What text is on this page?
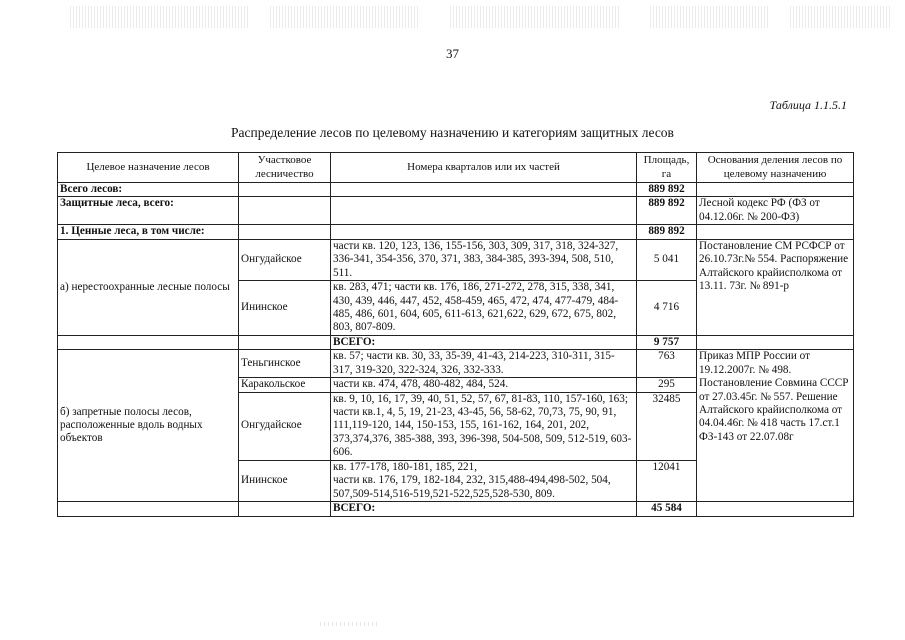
37
Таблица 1.1.5.1
Распределение лесов по целевому назначению и категориям защитных лесов
Целевое назначение лесов	Участковое лесничество	Номера кварталов или их частей	Площадь, га	Основания деления лесов по целевому назначению
Всего лесов:			889 892	
Защитные леса, всего:			889 892	Лесной кодекс РФ (ФЗ от 04.12.06г. № 200-ФЗ)
1. Ценные леса, в том числе:			889 892	
а) нерестоохранные лесные полосы	Онгудайское	части кв. 120, 123, 136, 155-156, 303, 309, 317, 318, 324-327, 336-341, 354-356, 370, 371, 383, 384-385, 393-394, 508, 510, 511.	5 041	Постановление СМ РСФСР от 26.10.73г.№ 554. Распоряжение Алтайского крайисполкома от 13.11. 73г. № 891-р
	Ининское	кв. 283, 471; части кв. 176, 186, 271-272, 278, 315, 338, 341, 430, 439, 446, 447, 452, 458-459, 465, 472, 474, 477-479, 484-485, 486, 601, 604, 605, 611-613, 621,622, 629, 672, 675, 802, 803, 807-809.	4 716	
		ВСЕГО:	9 757	
б) запретные полосы лесов, расположенные вдоль водных объектов	Теньгинское	кв. 57; части кв. 30, 33, 35-39, 41-43, 214-223, 310-311, 315-317, 319-320, 322-324, 326, 332-333.	763	Приказ МПР России от 19.12.2007г. № 498. Постановление Совмина СССР от 27.03.45г. № 557. Решение Алтайского крайисполкома от 04.04.46г. № 418 часть 17.ст.1 ФЗ-143 от 22.07.08г
	Каракольское	части кв. 474, 478, 480-482, 484, 524.	295	
	Онгудайское	кв. 9, 10, 16, 17, 39, 40, 51, 52, 57, 67, 81-83, 110, 157-160, 163;
части кв.1, 4, 5, 19, 21-23, 43-45, 56, 58-62, 70,73, 75, 90, 91, 111,119-120, 144, 150-153, 155, 161-162, 164, 201, 202, 373,374,376, 385-388, 393, 396-398, 504-508, 509, 512-519, 603-606.	32485	
	Ининское	кв. 177-178, 180-181, 185, 221,
части кв. 176, 179, 182-184, 232, 315,488-494,498-502, 504, 507,509-514,516-519,521-522,525,528-530, 809.	12041	
		ВСЕГО:	45 584	
